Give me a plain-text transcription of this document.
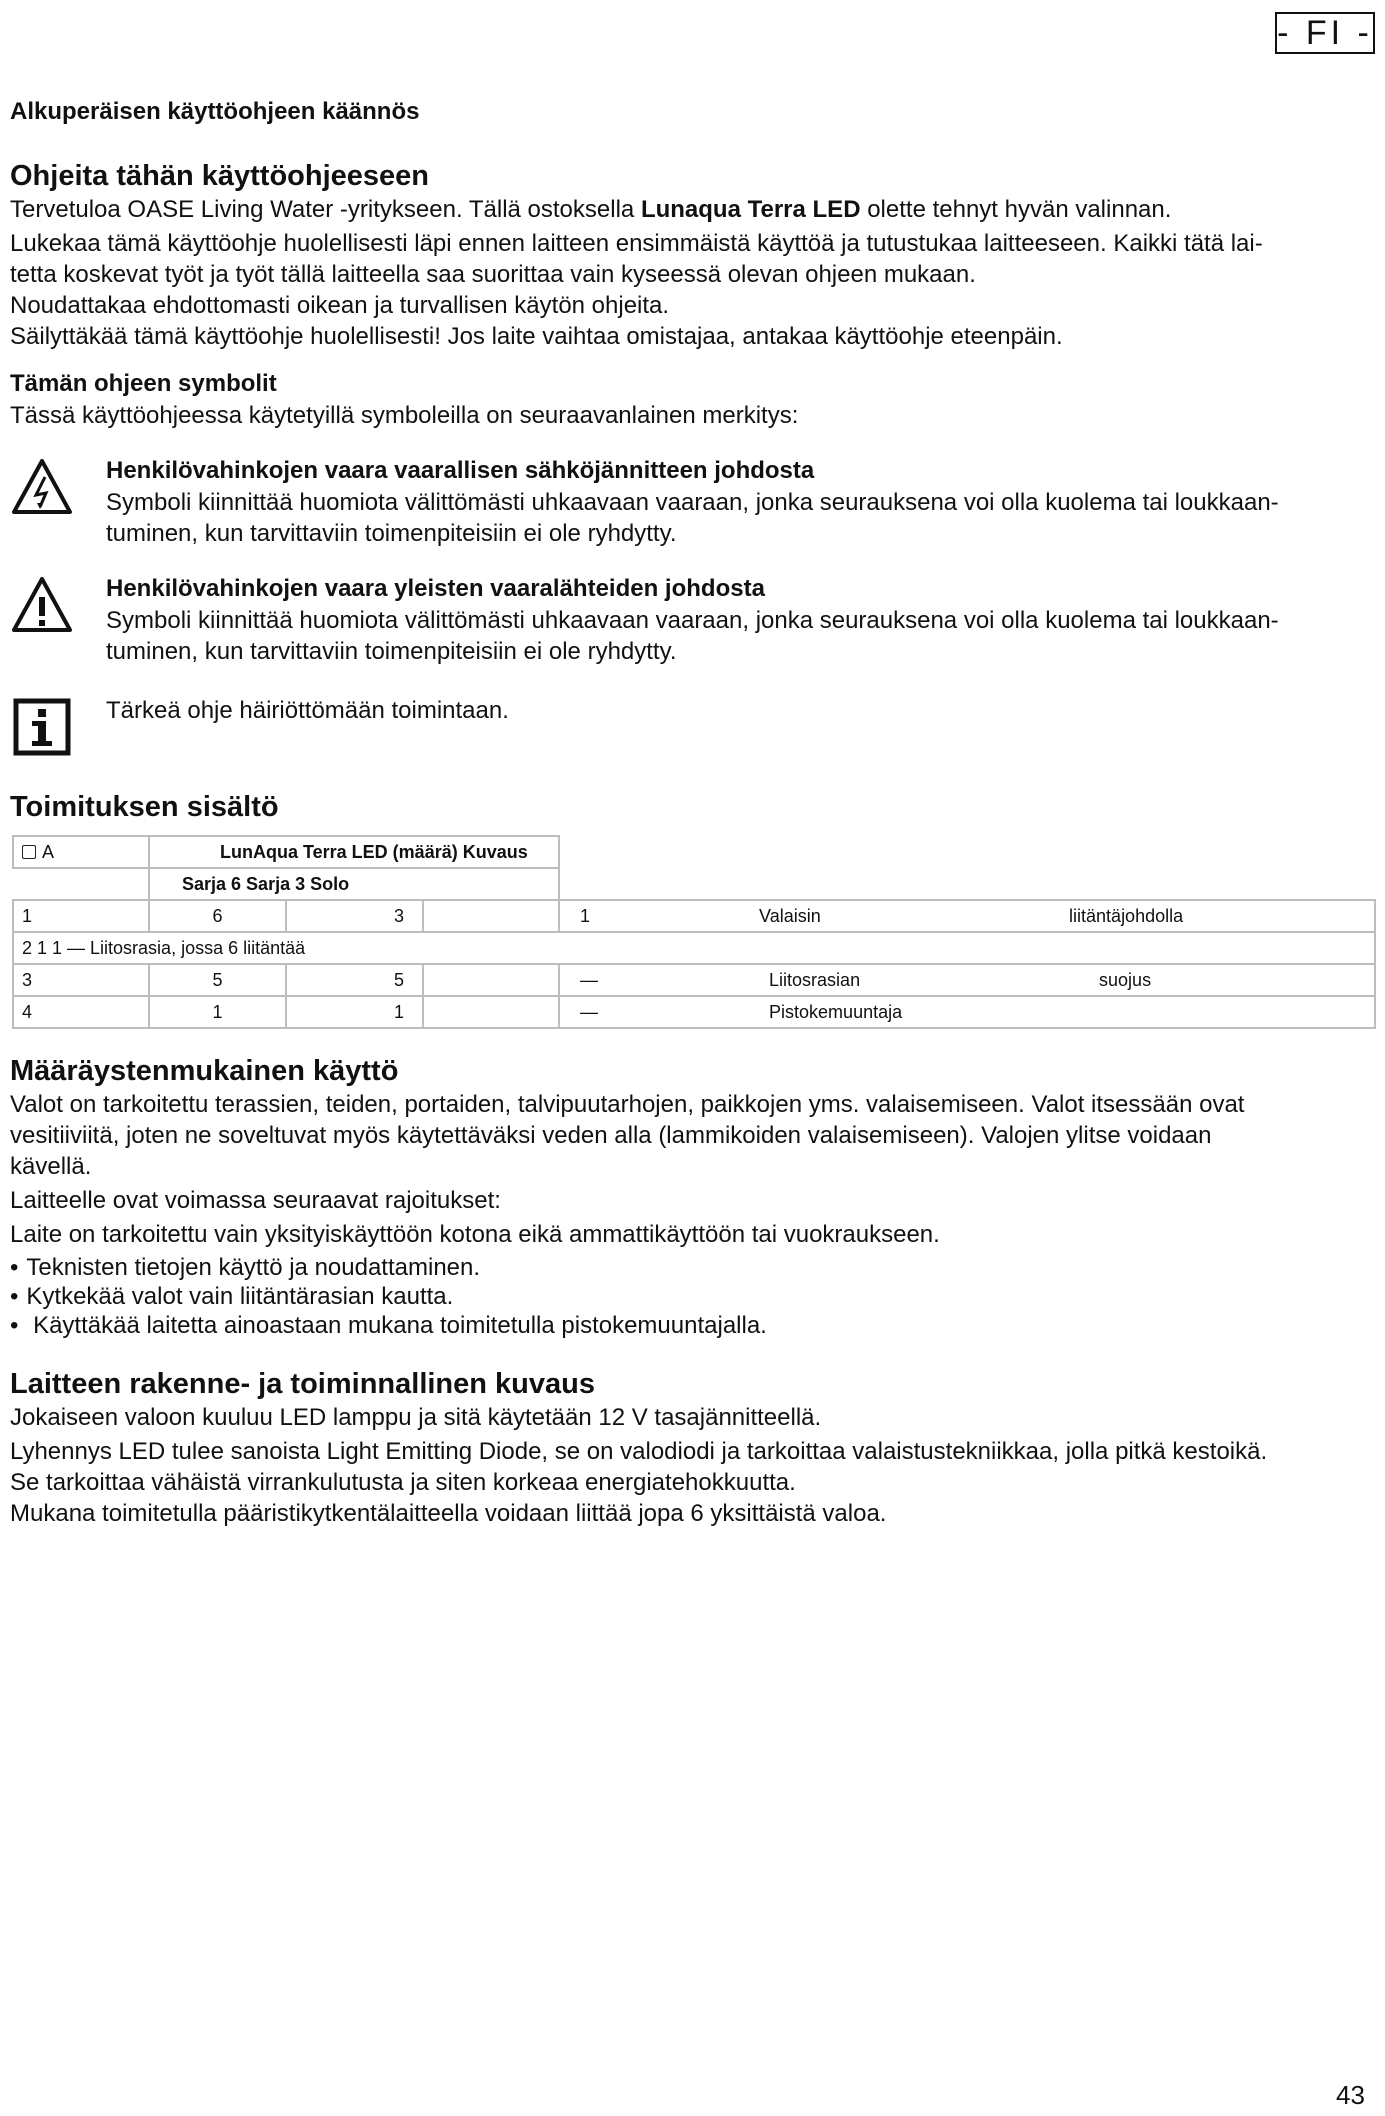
- FI -
Alkuperäisen käyttöohjeen käännös
Ohjeita tähän käyttöohjeeseen

Tervetuloa OASE Living Water -yritykseen. Tällä ostoksella Lunaqua Terra LED olette tehnyt hyvän valinnan.

Lukekaa tämä käyttöohje huolellisesti läpi ennen laitteen ensimmäistä käyttöä ja tutustukaa laitteeseen. Kaikki tätä lai-
tetta koskevat työt ja työt tällä laitteella saa suorittaa vain kyseessä olevan ohjeen mukaan.

Noudattakaa ehdottomasti oikean ja turvallisen käytön ohjeita.

Säilyttäkää tämä käyttöohje huolellisesti! Jos laite vaihtaa omistajaa, antakaa käyttöohje eteenpäin.

Tämän ohjeen symbolit

Tässä käyttöohjeessa käytetyillä symboleilla on seuraavanlainen merkitys:

Henkilövahinkojen vaara vaarallisen sähköjännitteen johdosta

Symboli kiinnittää huomiota välittömästi uhkaavaan vaaraan, jonka seurauksena voi olla kuolema tai loukkaan-
tuminen, kun tarvittaviin toimenpiteisiin ei ole ryhdytty.

Henkilövahinkojen vaara yleisten vaaralähteiden johdosta

Symboli kiinnittää huomiota välittömästi uhkaavaan vaaraan, jonka seurauksena voi olla kuolema tai loukkaan-
tuminen, kun tarvittaviin toimenpiteisiin ei ole ryhdytty.

Tärkeä ohje häiriöttömään toimintaan.

Toimituksen sisältö
A	LunAqua Terra LED (määrä) Kuvaus					
	Sarja 6 Sarja 3 Solo					
1	6	3		1	Valaisin	liitäntäjohdolla
2 1 1 — Liitosrasia, jossa 6 liitäntää						
3	5	5		—	Liitosrasian	suojus
4	1	1		—	Pistokemuuntaja	
Määräystenmukainen käyttö

Valot on tarkoitettu terassien, teiden, portaiden, talvipuutarhojen, paikkojen yms. valaisemiseen. Valot itsessään ovat
vesitiiviitä, joten ne soveltuvat myös käytettäväksi veden alla (lammikoiden valaisemiseen). Valojen ylitse voidaan
kävellä.

Laitteelle ovat voimassa seuraavat rajoitukset:

Laite on tarkoitettu vain yksityiskäyttöön kotona eikä ammattikäyttöön tai vuokraukseen.

• Teknisten tietojen käyttö ja noudattaminen.
• Kytkekää valot vain liitäntärasian kautta.
•  Käyttäkää laitetta ainoastaan mukana toimitetulla pistokemuuntajalla.
Laitteen rakenne- ja toiminnallinen kuvaus

Jokaiseen valoon kuuluu LED lamppu ja sitä käytetään 12 V tasajännitteellä.

Lyhennys LED tulee sanoista Light Emitting Diode, se on valodiodi ja tarkoittaa valaistustekniikkaa, jolla pitkä kestoikä.
Se tarkoittaa vähäistä virrankulutusta ja siten korkeaa energiatehokkuutta.

Mukana toimitetulla pääristikytkentälaitteella voidaan liittää jopa 6 yksittäistä valoa.

43
